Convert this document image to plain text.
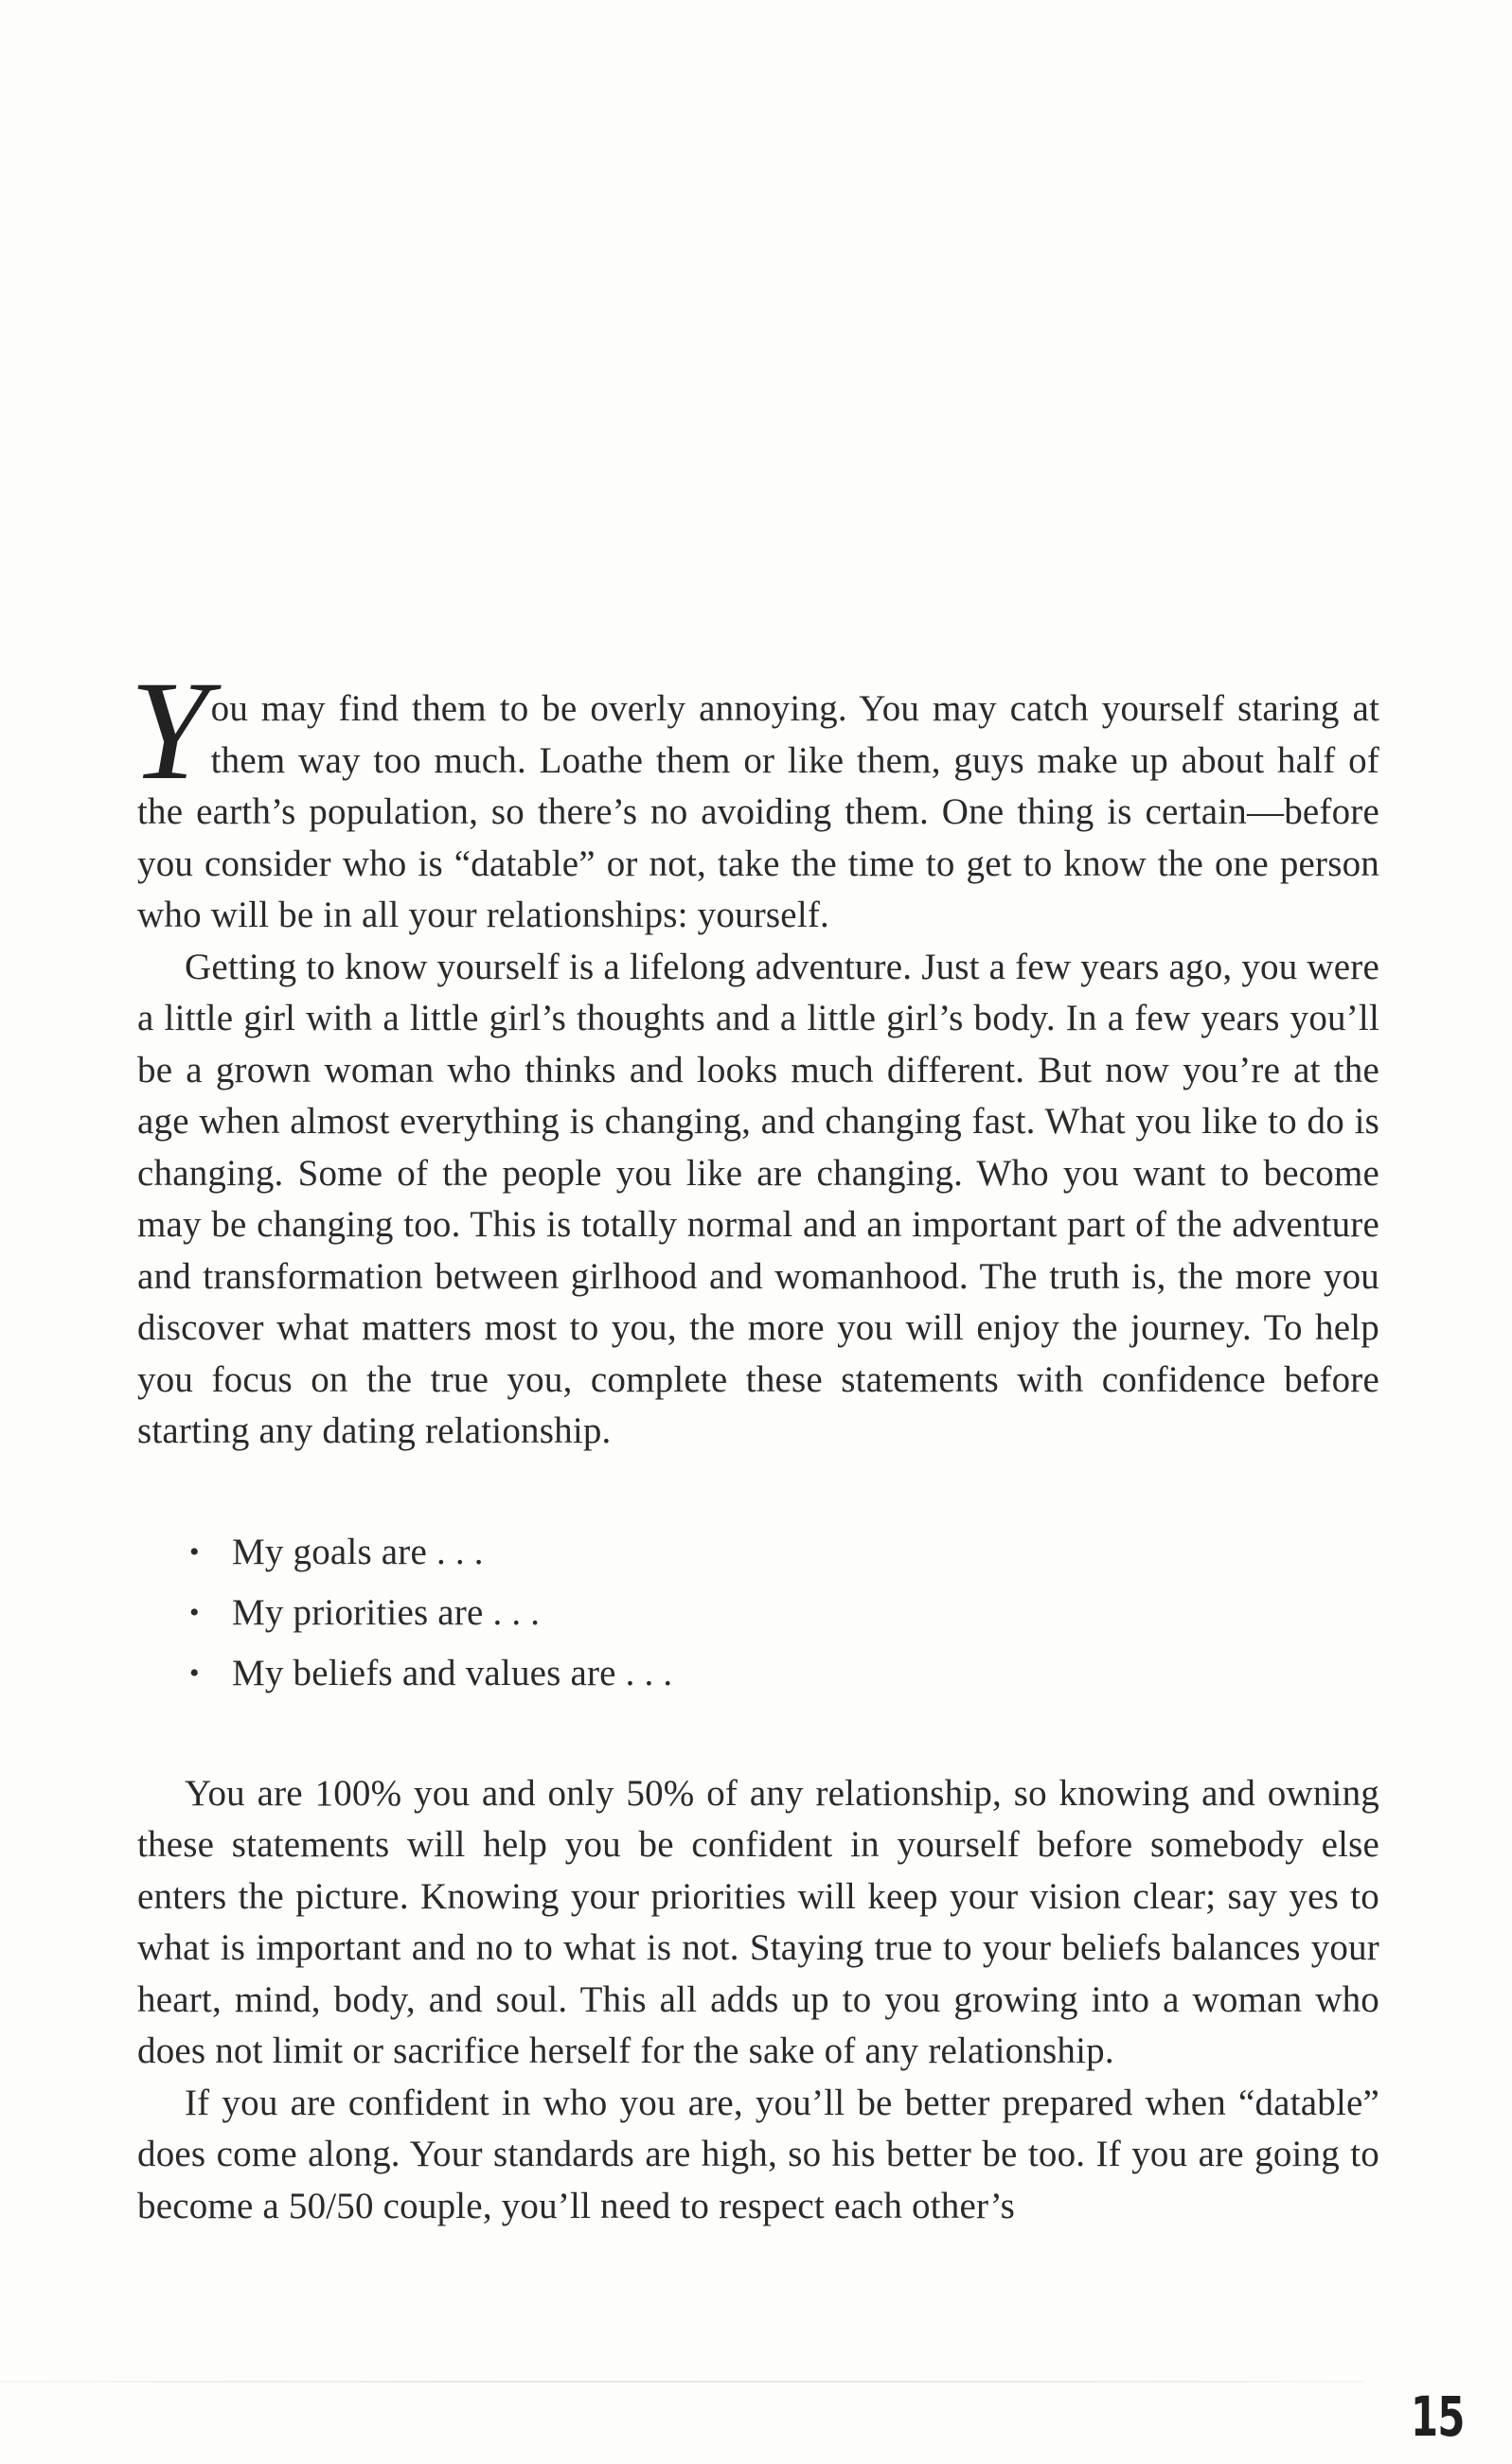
You may find them to be overly annoying. You may catch yourself staring at them way too much. Loathe them or like them, guys make up about half of the earth’s population, so there’s no avoiding them. One thing is certain—before you consider who is “datable” or not, take the time to get to know the one person who will be in all your relationships: yourself.

Getting to know yourself is a lifelong adventure. Just a few years ago, you were a little girl with a little girl’s thoughts and a little girl’s body. In a few years you’ll be a grown woman who thinks and looks much different. But now you’re at the age when almost everything is changing, and changing fast. What you like to do is changing. Some of the people you like are changing. Who you want to become may be changing too. This is totally normal and an important part of the adventure and transformation between girlhood and womanhood. The truth is, the more you discover what matters most to you, the more you will enjoy the journey. To help you focus on the true you, complete these statements with confidence before starting any dating relationship.

• My goals are . . .
• My priorities are . . .
• My beliefs and values are . . .

You are 100% you and only 50% of any relationship, so knowing and owning these statements will help you be confident in yourself before somebody else enters the picture. Knowing your priorities will keep your vision clear; say yes to what is important and no to what is not. Staying true to your beliefs balances your heart, mind, body, and soul. This all adds up to you growing into a woman who does not limit or sacrifice herself for the sake of any relationship.

If you are confident in who you are, you’ll be better prepared when “datable” does come along. Your standards are high, so his better be too. If you are going to become a 50/50 couple, you’ll need to respect each other’s

15
